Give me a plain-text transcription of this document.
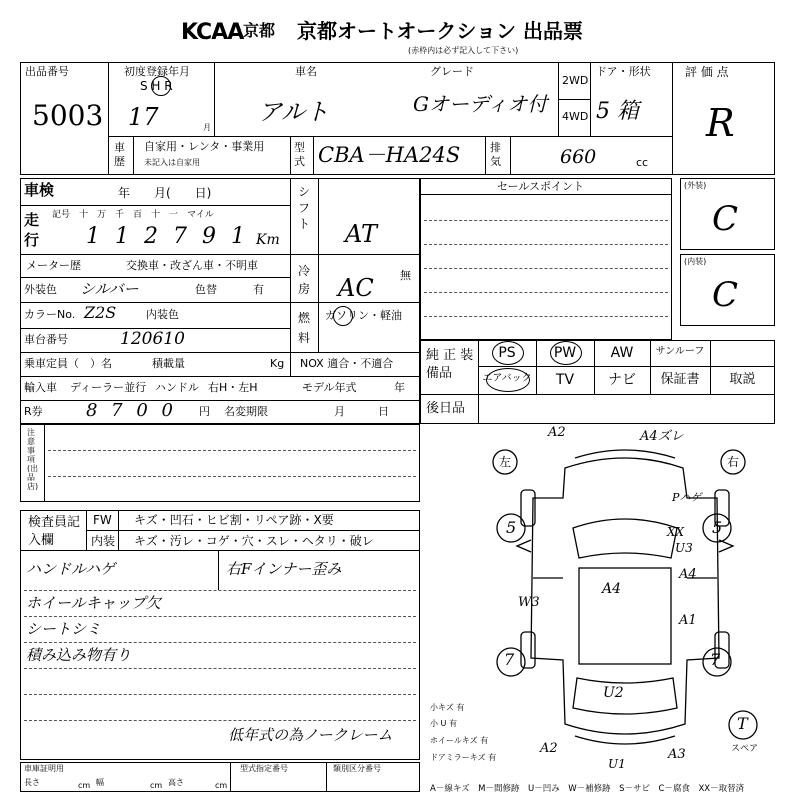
KCAA 京都 京都オートオークション 出品票
(赤枠内は必ず記入して下さい)
出品番号
5003
初度登録年月
S H R
17	月
車名
アルト
グレード
Gオーディオ付
2WD
4WD
ドア・形状
5 箱
評 価 点
R
車歴
自家用・レンタ・事業用
未記入は自家用
型式 CBA－HA24S	排気	660	cc
車検	年　　月(　　日)
走行
記号　十　万　千　百　十　一　マイル
1 1 2 7 9 1 Km
メーター歴	交換車・改ざん車・不明車
外装色 シルバー	色替	有
カラーNo. Z2S	内装色
車台番号	120610
乗車定員（　）名	積載量	Kg NOX 適合・不適合
輸入車 ディーラー並行 ハンドル 右H・左H	モデル年式	年
R券 8 7 0 0 円 名変期限	月　　　日
シフト AT
冷房 AC 無
燃料
ガソリン・軽油
セールスポイント	(外装)
C
(内装)
C
純 正 装備品
PS	PW	AW	サンルーフ
エアバック	TV	ナビ	保証書	取説
後日品
注意事項(出品店)
検査員記入欄
FW キズ・凹石・ヒビ割・リペア跡・X要
内装 キズ・汚レ・コゲ・穴・スレ・ヘタリ・破レ
ハンドルハゲ
ホイールキャップ欠
シートシミ
積み込み物有り
右Fインナー歪み
低年式の為ノークレーム
左	右
5	5
7	7
T
スペア
A2	A4ズレ
Pハゲ
XX
U3
A4
A4
W3
A1
U2
A2
U1
A3
小キズ 有
小 U 有
ホイールキズ 有
ドアミラーキズ 有
車庫証明用
長さ	cm 幅	cm 高さ	cm
型式指定番号	類別区分番号
A－線キズ　M－間修跡　U－凹み　W－補修跡　S－サビ　C－腐食　XX－取替済
